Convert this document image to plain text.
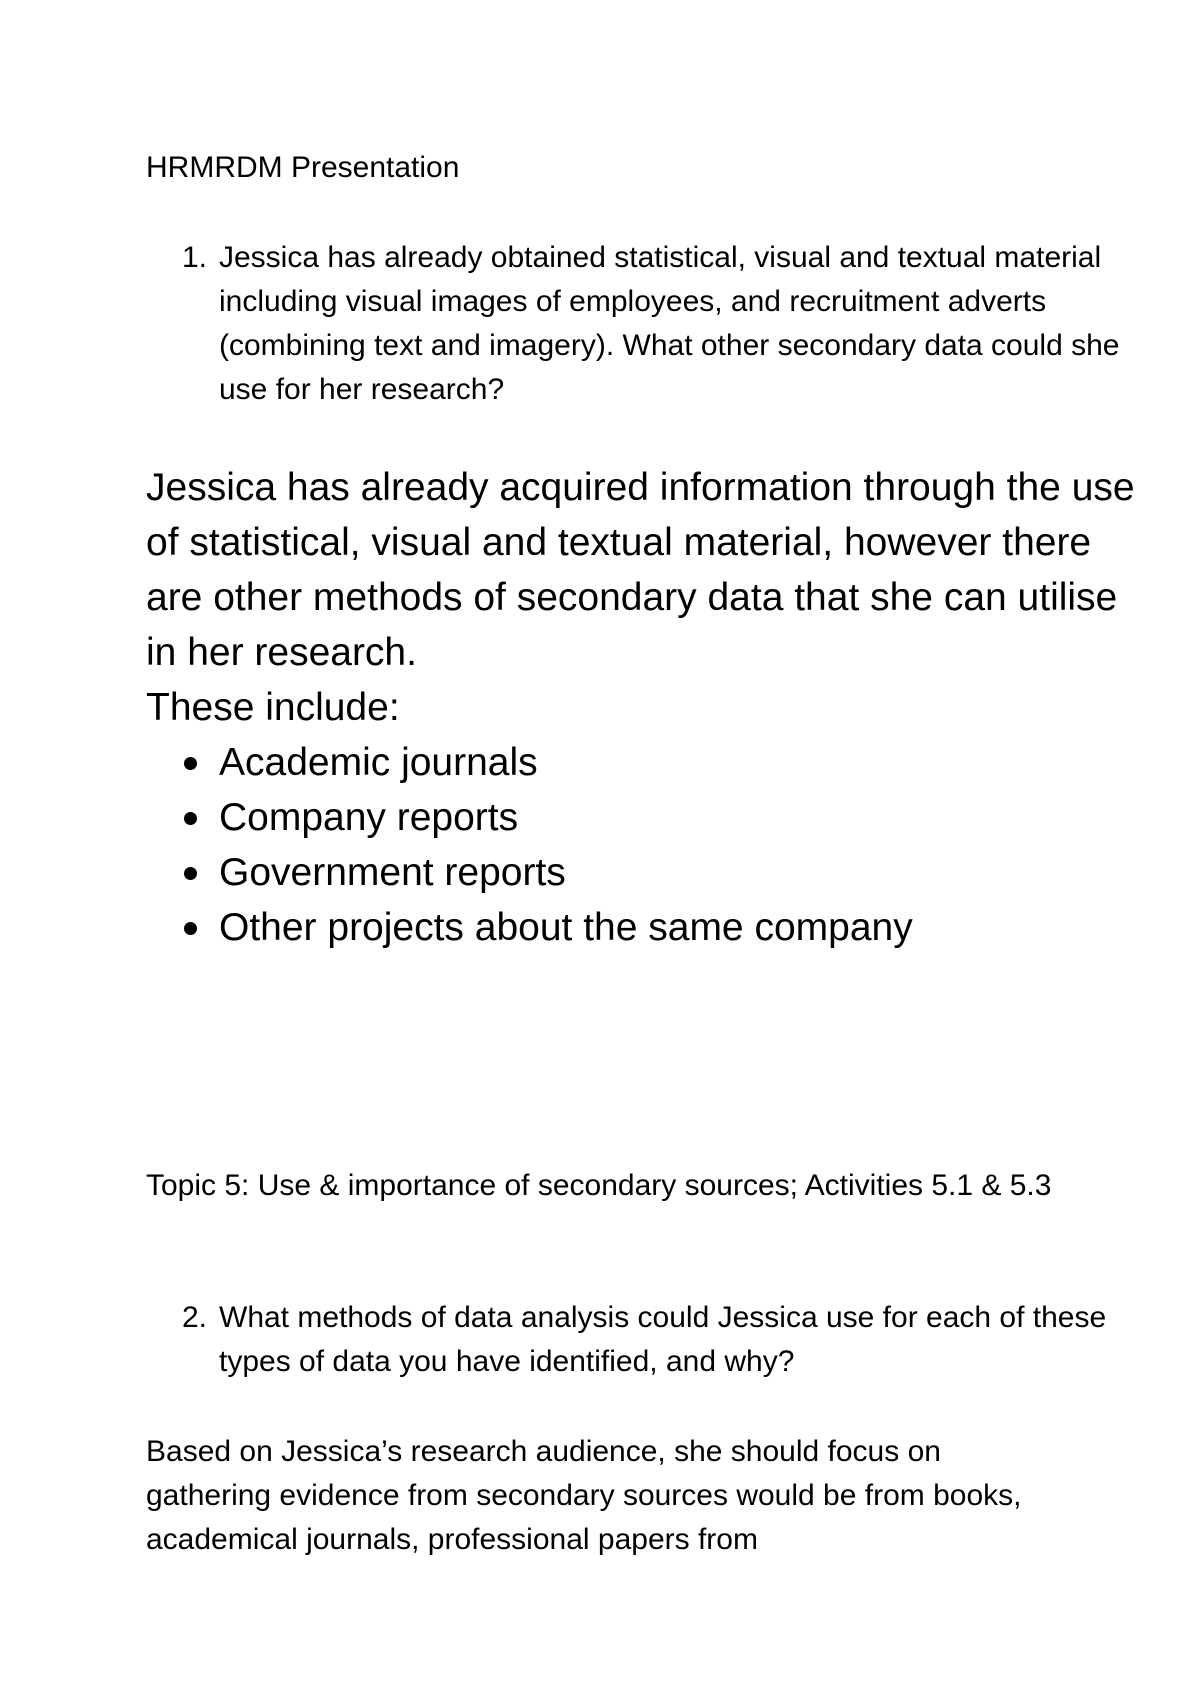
HRMRDM Presentation
1. Jessica has already obtained statistical, visual and textual material including visual images of employees, and recruitment adverts (combining text and imagery). What other secondary data could she use for her research?

Jessica has already acquired information through the use of statistical, visual and textual material, however there are other methods of secondary data that she can utilise in her research.

These include:

Academic journals
Company reports
Government reports
Other projects about the same company

Topic 5: Use & importance of secondary sources; Activities 5.1 & 5.3

2. What methods of data analysis could Jessica use for each of these types of data you have identified, and why?

Based on Jessica’s research audience, she should focus on gathering evidence from secondary sources would be from books, academical journals, professional papers from
